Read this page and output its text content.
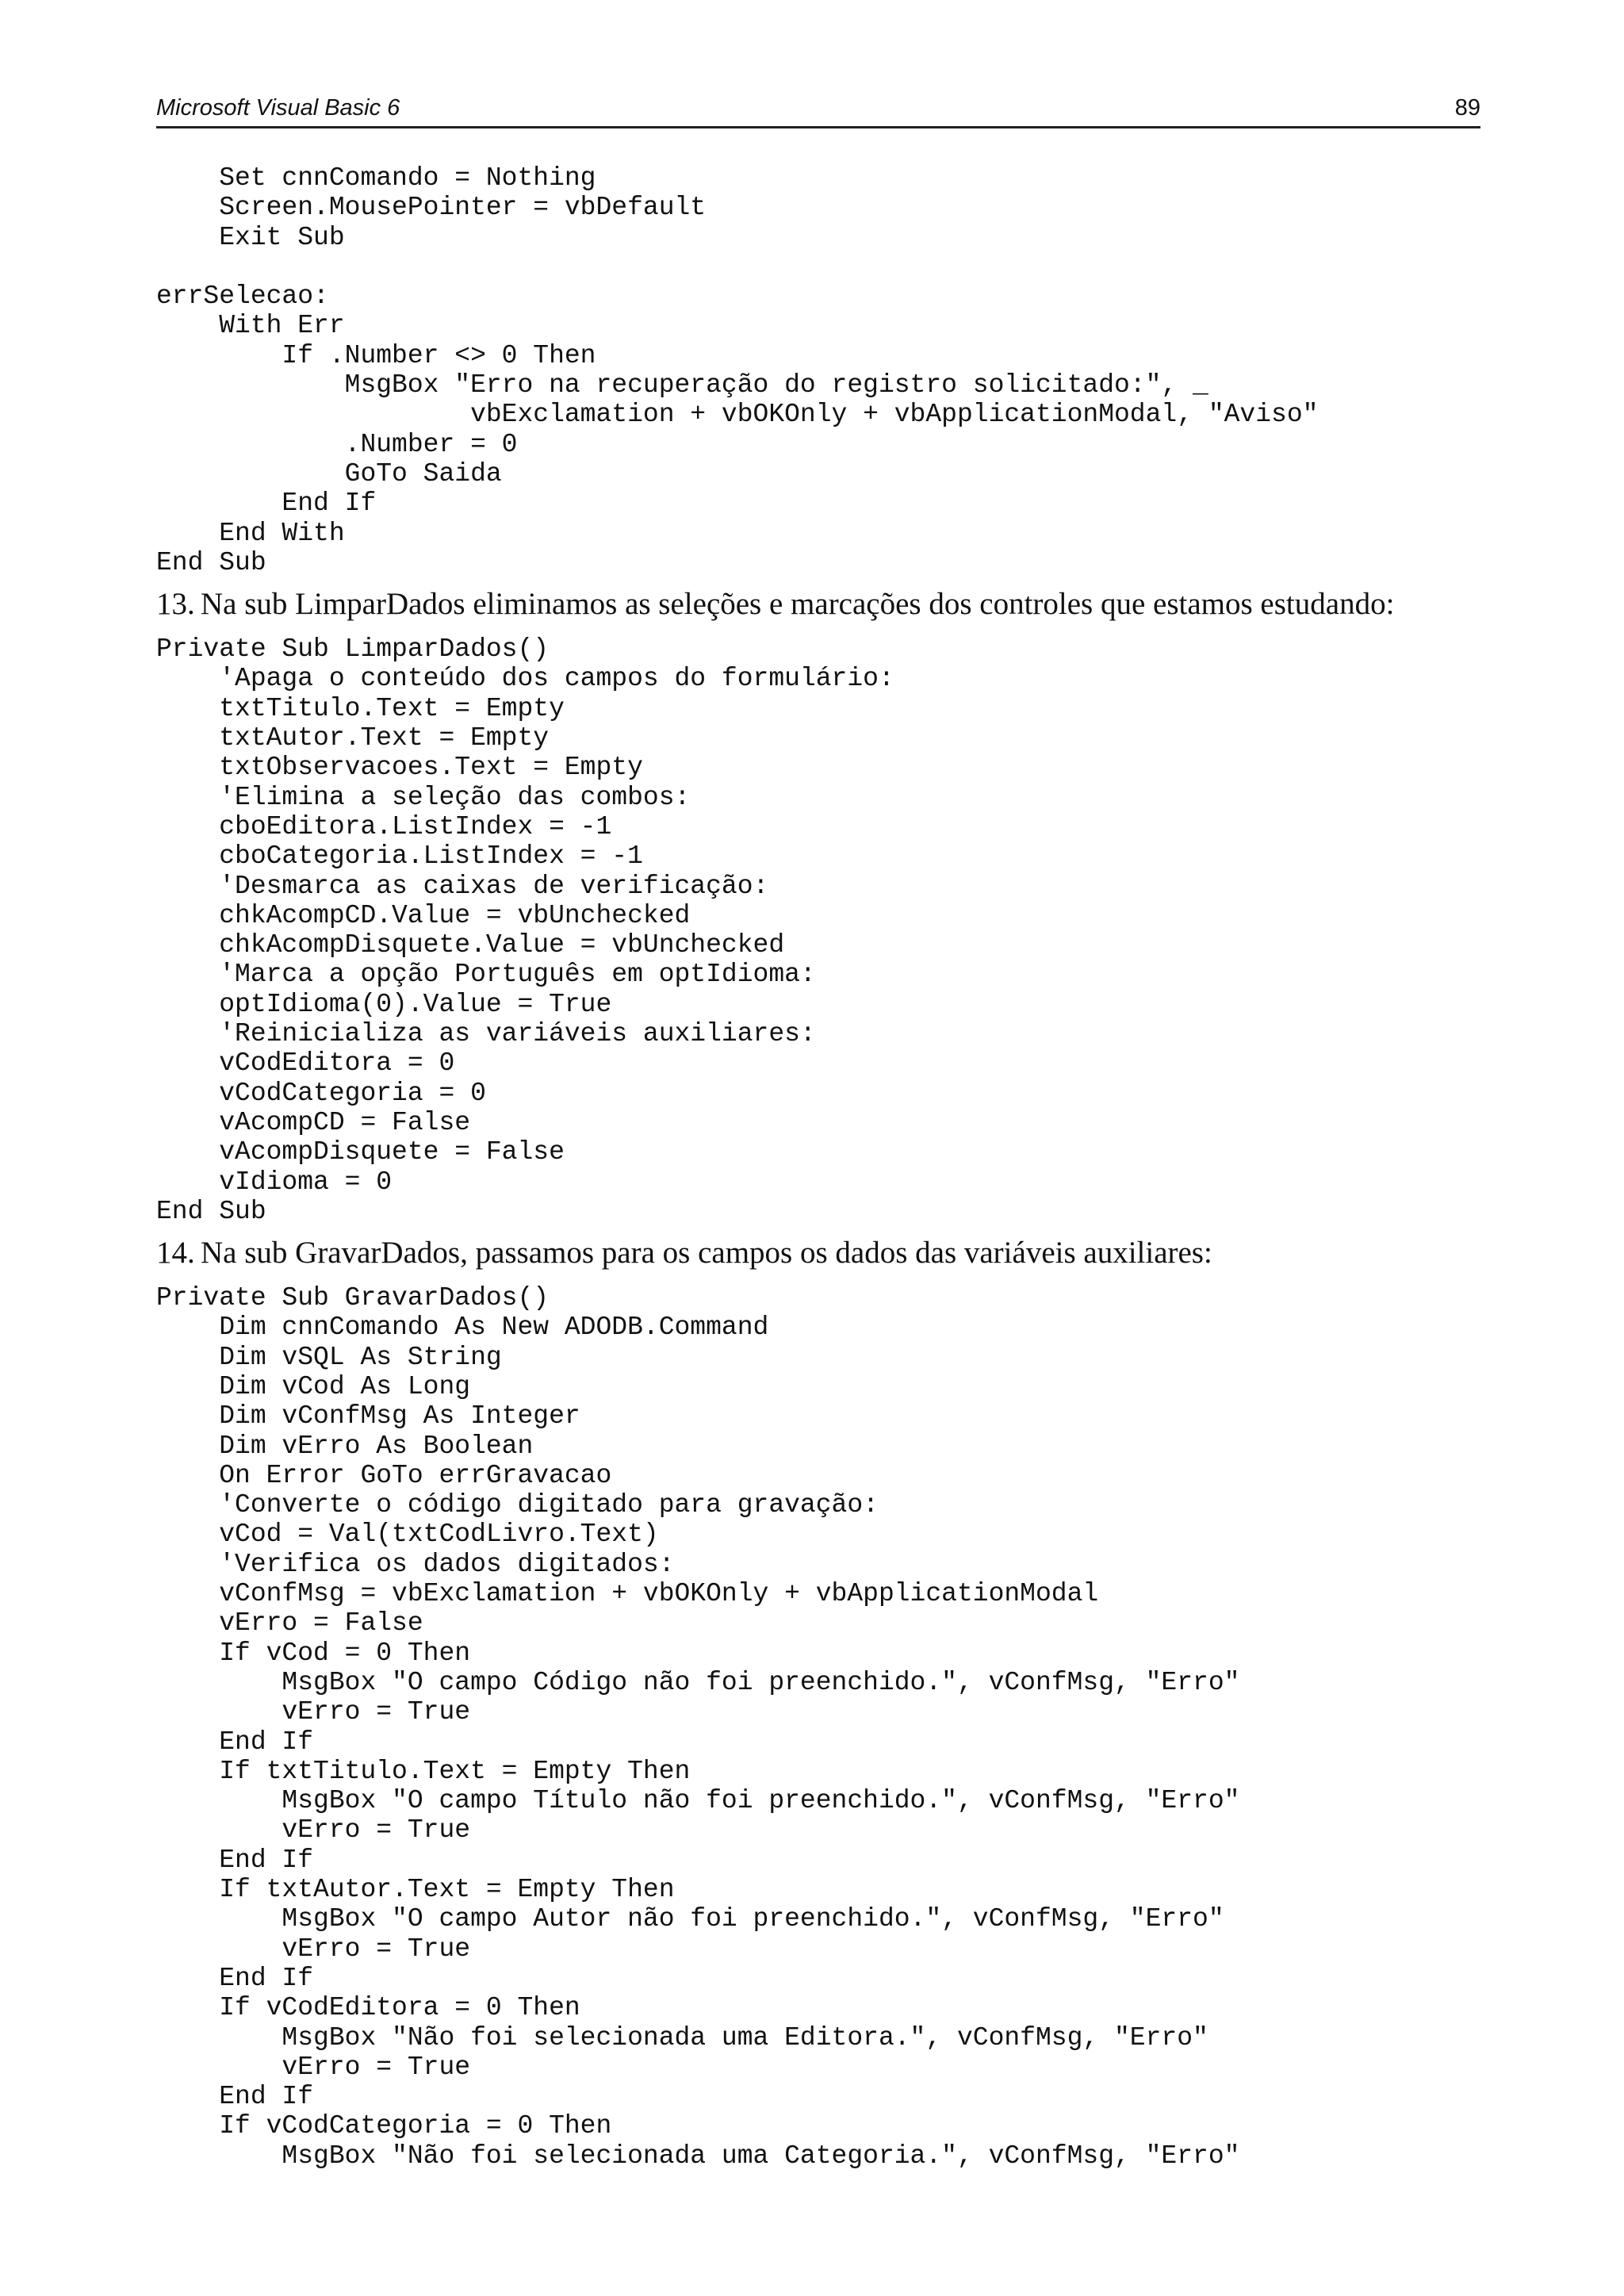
Microsoft Visual Basic 6	89
Set cnnComando = Nothing
Screen.MousePointer = vbDefault
Exit Sub

errSelecao:
With Err
If .Number <> 0 Then
MsgBox "Erro na recuperação do registro solicitado:", _
vbExclamation + vbOKOnly + vbApplicationModal, "Aviso"
.Number = 0
GoTo Saida
End If
End With
End Sub
13. Na sub LimparDados eliminamos as seleções e marcações dos controles que estamos estudando:
Private Sub LimparDados()
'Apaga o conteúdo dos campos do formulário:
txtTitulo.Text = Empty
txtAutor.Text = Empty
txtObservacoes.Text = Empty
'Elimina a seleção das combos:
cboEditora.ListIndex = -1
cboCategoria.ListIndex = -1
'Desmarca as caixas de verificação:
chkAcompCD.Value = vbUnchecked
chkAcompDisquete.Value = vbUnchecked
'Marca a opção Português em optIdioma:
optIdioma(0).Value = True
'Reinicializa as variáveis auxiliares:
vCodEditora = 0
vCodCategoria = 0
vAcompCD = False
vAcompDisquete = False
vIdioma = 0
End Sub
14. Na sub GravarDados, passamos para os campos os dados das variáveis auxiliares:
Private Sub GravarDados()
Dim cnnComando As New ADODB.Command
Dim vSQL As String
Dim vCod As Long
Dim vConfMsg As Integer
Dim vErro As Boolean
On Error GoTo errGravacao
'Converte o código digitado para gravação:
vCod = Val(txtCodLivro.Text)
'Verifica os dados digitados:
vConfMsg = vbExclamation + vbOKOnly + vbApplicationModal
vErro = False
If vCod = 0 Then
MsgBox "O campo Código não foi preenchido.", vConfMsg, "Erro"
vErro = True
End If
If txtTitulo.Text = Empty Then
MsgBox "O campo Título não foi preenchido.", vConfMsg, "Erro"
vErro = True
End If
If txtAutor.Text = Empty Then
MsgBox "O campo Autor não foi preenchido.", vConfMsg, "Erro"
vErro = True
End If
If vCodEditora = 0 Then
MsgBox "Não foi selecionada uma Editora.", vConfMsg, "Erro"
vErro = True
End If
If vCodCategoria = 0 Then
MsgBox "Não foi selecionada uma Categoria.", vConfMsg, "Erro"
